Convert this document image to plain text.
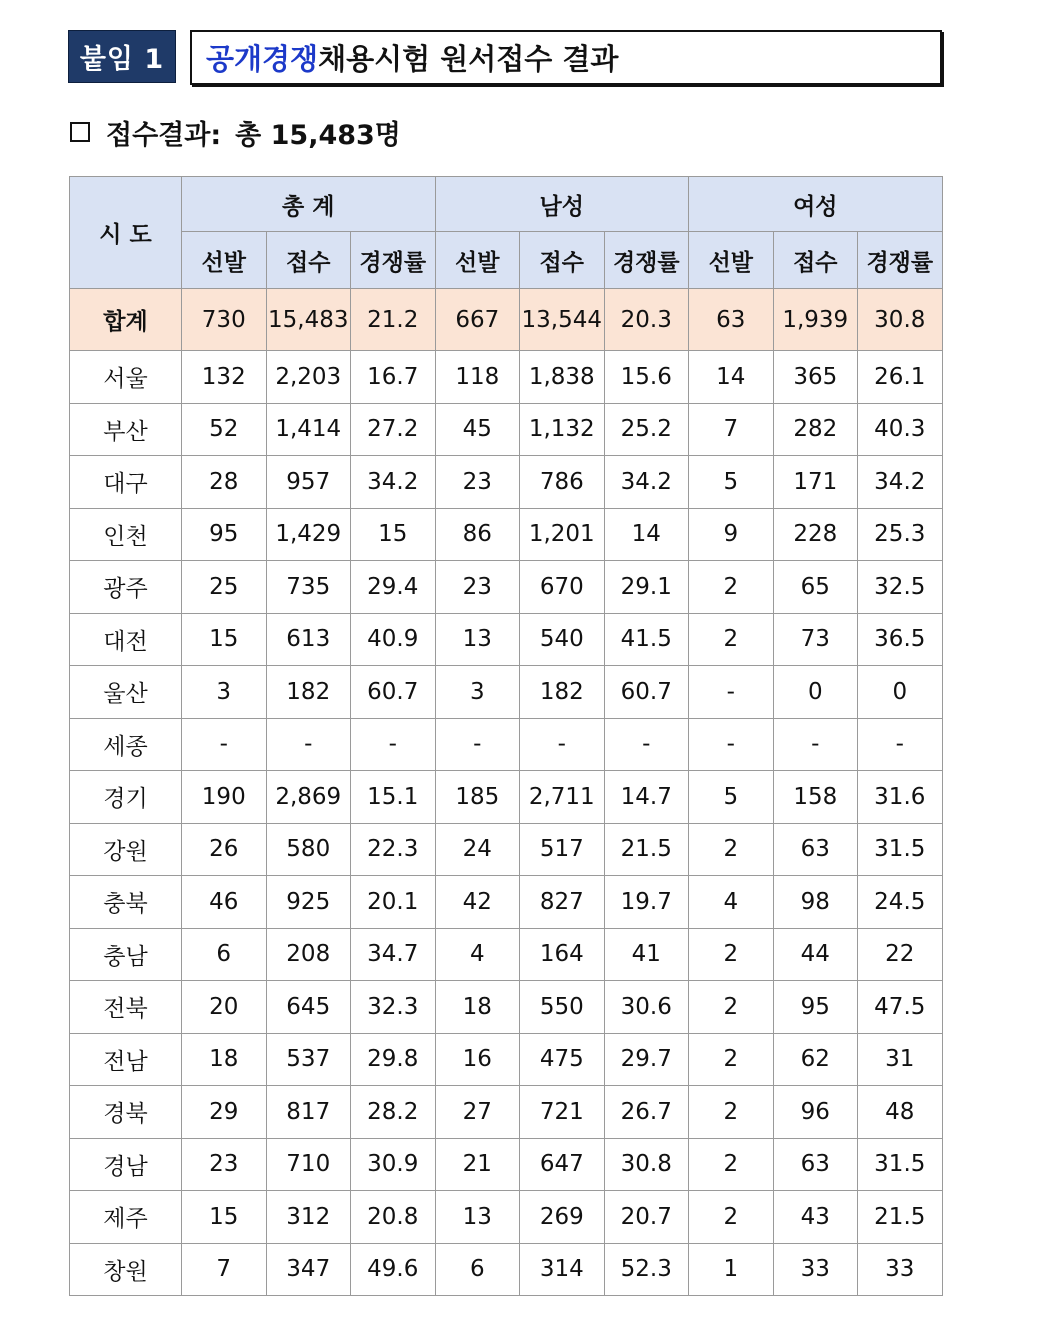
붙임 1	공개경쟁 채용시험 원서접수 결과
접수결과: 총 15,483명
시 도	총 계			남성			여성		
	선발	접수	경쟁률	선발	접수	경쟁률	선발	접수	경쟁률
합계	730	15,483	21.2	667	13,544	20.3	63	1,939	30.8
서울	132	2,203	16.7	118	1,838	15.6	14	365	26.1
부산	52	1,414	27.2	45	1,132	25.2	7	282	40.3
대구	28	957	34.2	23	786	34.2	5	171	34.2
인천	95	1,429	15	86	1,201	14	9	228	25.3
광주	25	735	29.4	23	670	29.1	2	65	32.5
대전	15	613	40.9	13	540	41.5	2	73	36.5
울산	3	182	60.7	3	182	60.7	-	0	0
세종	-	-	-	-	-	-	-	-	-
경기	190	2,869	15.1	185	2,711	14.7	5	158	31.6
강원	26	580	22.3	24	517	21.5	2	63	31.5
충북	46	925	20.1	42	827	19.7	4	98	24.5
충남	6	208	34.7	4	164	41	2	44	22
전북	20	645	32.3	18	550	30.6	2	95	47.5
전남	18	537	29.8	16	475	29.7	2	62	31
경북	29	817	28.2	27	721	26.7	2	96	48
경남	23	710	30.9	21	647	30.8	2	63	31.5
제주	15	312	20.8	13	269	20.7	2	43	21.5
창원	7	347	49.6	6	314	52.3	1	33	33
